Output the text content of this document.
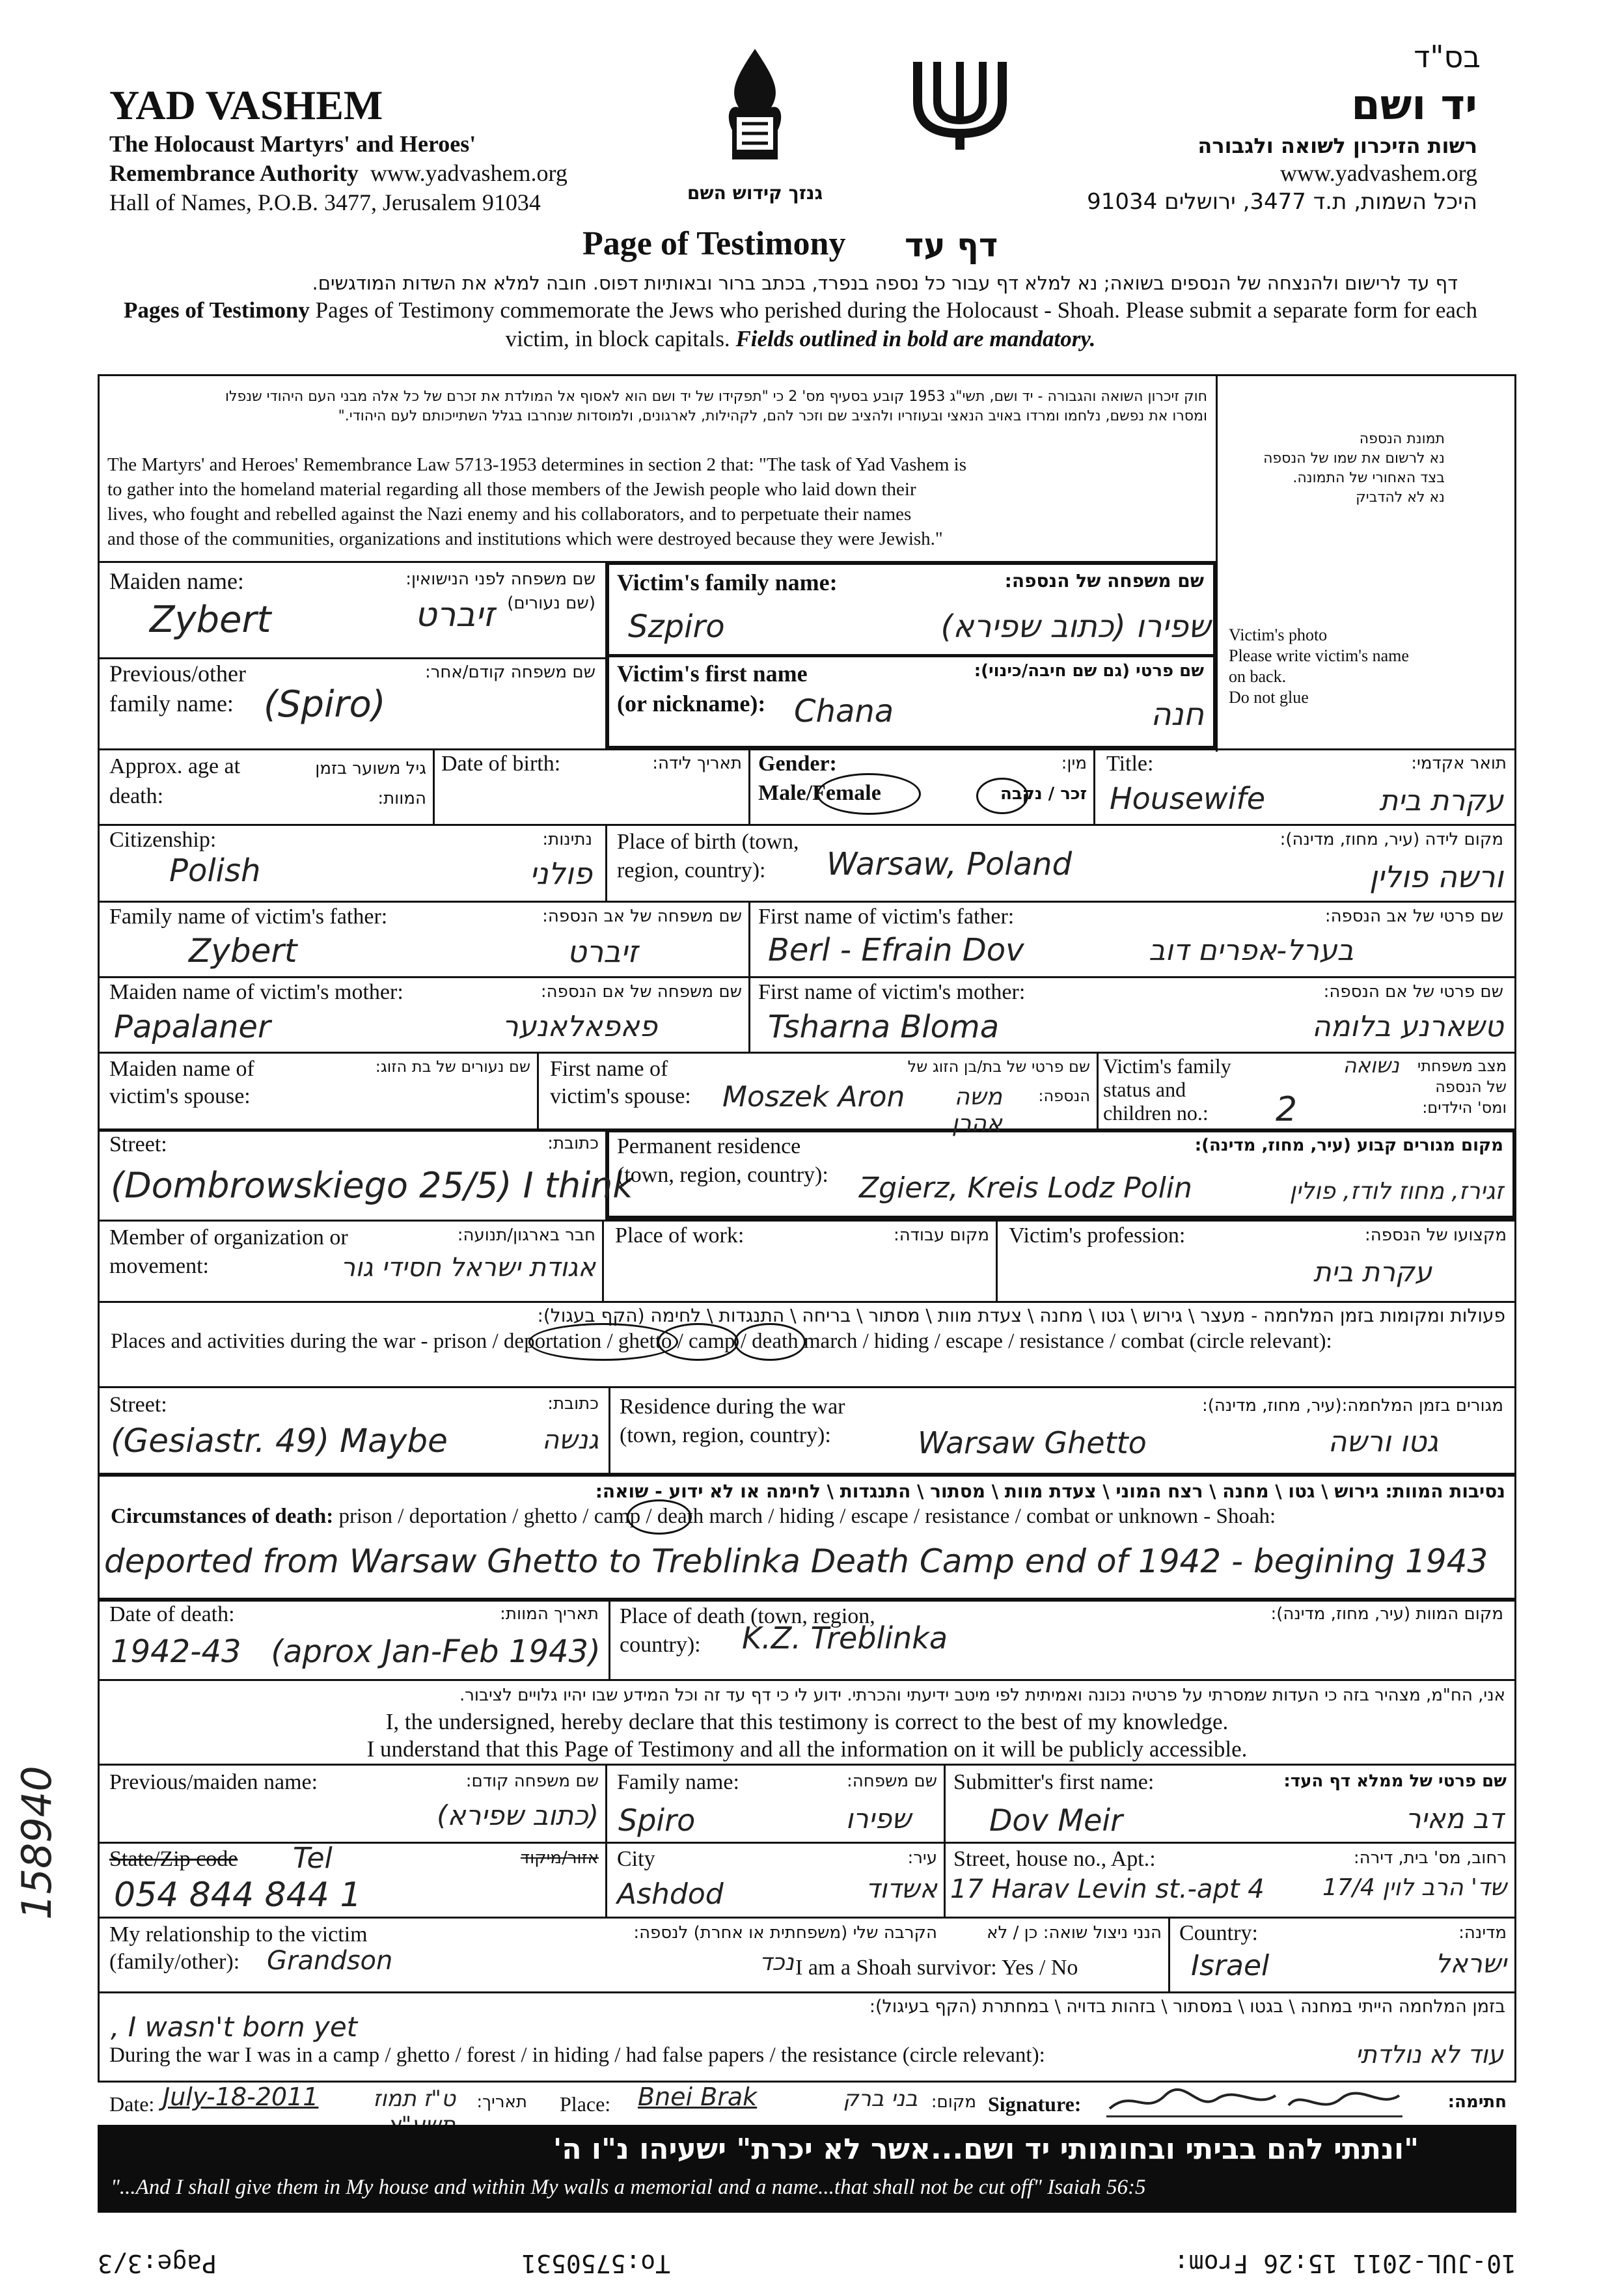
בס"ד
YAD VASHEM
The Holocaust Martyrs' and Heroes'
Remembrance Authority www.yadvashem.org
Hall of Names, P.O.B. 3477, Jerusalem 91034	גנזך קידוש השם
יד ושם
רשות הזיכרון לשואה ולגבורה
www.yadvashem.org
היכל השמות, ת.ד 3477, ירושלים 91034
Page of Testimony דף עד
דף עד לרישום ולהנצחה של הנספים בשואה; נא למלא דף עבור כל נספה בנפרד, בכתב ברור ובאותיות דפוס. חובה למלא את השדות המודגשים.
Pages of Testimony Pages of Testimony commemorate the Jews who perished during the Holocaust - Shoah. Please submit a separate form for each
victim, in block capitals. Fields outlined in bold are mandatory.
חוק זיכרון השואה והגבורה - יד ושם, תשי"ג 1953 קובע בסעיף מס' 2 כי "תפקידו של יד ושם הוא לאסוף אל המולדת את זכרם של כל אלה מבני העם היהודי שנפלו
ומסרו את נפשם, נלחמו ומרדו באויב הנאצי ובעוזריו ולהציב שם וזכר להם, לקהילות, לארגונים, ולמוסדות שנחרבו בגלל השתייכותם לעם היהודי."
The Martyrs' and Heroes' Remembrance Law 5713-1953 determines in section 2 that: "The task of Yad Vashem is
to gather into the homeland material regarding all those members of the Jewish people who laid down their
lives, who fought and rebelled against the Nazi enemy and his collaborators, and to perpetuate their names
and those of the communities, organizations and institutions which were destroyed because they were Jewish."
תמונת הנספה
נא לרשום את שמו של הנספה
בצד האחורי של התמונה.
נא לא להדביק
Victim's photo
Please write victim's name
on back.
Do not glue
Maiden name:	שם משפחה לפני הנישואין:
(שם נעורים)
Zybert	זיברט
Victim's family name:	שם משפחה של הנספה:
Szpiro	שפירו (כתוב שפירא)
Previous/other
family name:
שם משפחה קודם/אחר:
(Spiro)
Victim's first name
(or nickname):
שם פרטי (גם שם חיבה/כינוי):
Chana	חנה
Approx. age at
death:
גיל משוער בזמן
המוות:
Date of birth:	תאריך לידה: Gender:
Male/Female
מין:
זכר / נקבה
Title:	תואר אקדמי:
Housewife	עקרת בית
Citizenship:	נתינות:
Polish	פולני
Place of birth (town,
region, country):
מקום לידה (עיר, מחוז, מדינה):
Warsaw, Poland	ורשה פולין
Family name of victim's father:	שם משפחה של אב הנספה:
Zybert	זיברט
First name of victim's father:	שם פרטי של אב הנספה:
Berl - Efrain Dov	בערל-אפרים דוב
Maiden name of victim's mother:	שם משפחה של אם הנספה:
Papalaner	פאפאלאנער
First name of victim's mother:	שם פרטי של אם הנספה:
Tsharna Bloma	טשארנע בלומה
Maiden name of
victim's spouse:
שם נעורים של בת הזוג: First name of
victim's spouse:
שם פרטי של בת/בן הזוג של
הנספה:
Moszek Aron	משה אהרן
Victim's family
status and
children no.:
מצב משפחתי
של הנספה
ומס' הילדים:
נשואה
2
Street:	כתובת:
(Dombrowskiego 25/5) I think
Permanent residence
(town, region, country):
מקום מגורים קבוע (עיר, מחוז, מדינה):
Zgierz, Kreis Lodz Polin	זגירז, מחוז לודז, פולין
Member of organization or
movement:
חבר בארגון/תנועה:
אגודת ישראל חסידי גור
Place of work:	מקום עבודה: Victim's profession:	מקצועו של הנספה:
עקרת בית
פעולות ומקומות בזמן המלחמה - מעצר \ גירוש \ גטו \ מחנה \ צעדת מוות \ מסתור \ בריחה \ התנגדות \ לחימה (הקף בעגול):
Places and activities during the war - prison / deportation / ghetto / camp / death march / hiding / escape / resistance / combat (circle relevant):
Street:	כתובת:
(Gesiastr. 49) Maybe	גנשה
Residence during the war
(town, region, country):
מגורים בזמן המלחמה:(עיר, מחוז, מדינה):
Warsaw Ghetto	גטו ורשה
נסיבות המוות: גירוש \ גטו \ מחנה \ רצח המוני \ צעדת מוות \ מסתור \ התנגדות \ לחימה או לא ידוע - שואה:
Circumstances of death: prison / deportation / ghetto / camp / death march / hiding / escape / resistance / combat or unknown - Shoah:
deported from Warsaw Ghetto to Treblinka Death Camp end of 1942 - begining 1943
Date of death:	תאריך המוות:
1942-43 (aprox Jan-Feb 1943)
Place of death (town, region,
country):
מקום המוות (עיר, מחוז, מדינה):
K.Z. Treblinka
אני, הח"מ, מצהיר בזה כי העדות שמסרתי על פרטיה נכונה ואמיתית לפי מיטב ידיעתי והכרתי. ידוע לי כי דף עד זה וכל המידע שבו יהיו גלויים לציבור.
I, the undersigned, hereby declare that this testimony is correct to the best of my knowledge.
I understand that this Page of Testimony and all the information on it will be publicly accessible.
Previous/maiden name:	שם משפחה קודם:
(כתוב שפירא)
Family name:	שם משפחה:
Spiro	שפירו
Submitter's first name:	שם פרטי של ממלא דף העד:
Dov Meir	דב מאיר
State/Zip code	אזור/מיקוד
Tel
054 844 844 1
City	עיר:
Ashdod	אשדוד
Street, house no., Apt.:	רחוב, מס' בית, דירה:
17 Harav Levin st.-apt 4	שד' הרב לוין 17/4
My relationship to the victim
(family/other):	Grandson
הקרבה שלי (משפחתית או אחרת) לנספה:
נכד
הנני ניצול שואה: כן / לא
I am a Shoah survivor: Yes / No
Country:	מדינה:
Israel	ישראל
בזמן המלחמה הייתי במחנה \ בגטו \ במסתור \ בזהות בדויה \ במחתרת (הקף בעיגול):
, I wasn't born yet
During the war I was in a camp / ghetto / forest / in hiding / had false papers / the resistance (circle relevant):	עוד לא נולדתי
Date: July-18-2011	ט"ז תמוז	תאריך: Place: Bnei Brak	בני ברק מקום: Signature:	חתימה:
"ונתתי להם בביתי ובחומותי יד ושם...אשר לא יכרת" ישעיהו נ"ו ה'
"...And I shall give them in My house and within My walls a memorial and a name...that shall not be cut off" Isaiah 56:5
10-JUL-2011 15:26 From:
To:5750531
Page:3/3
158940
